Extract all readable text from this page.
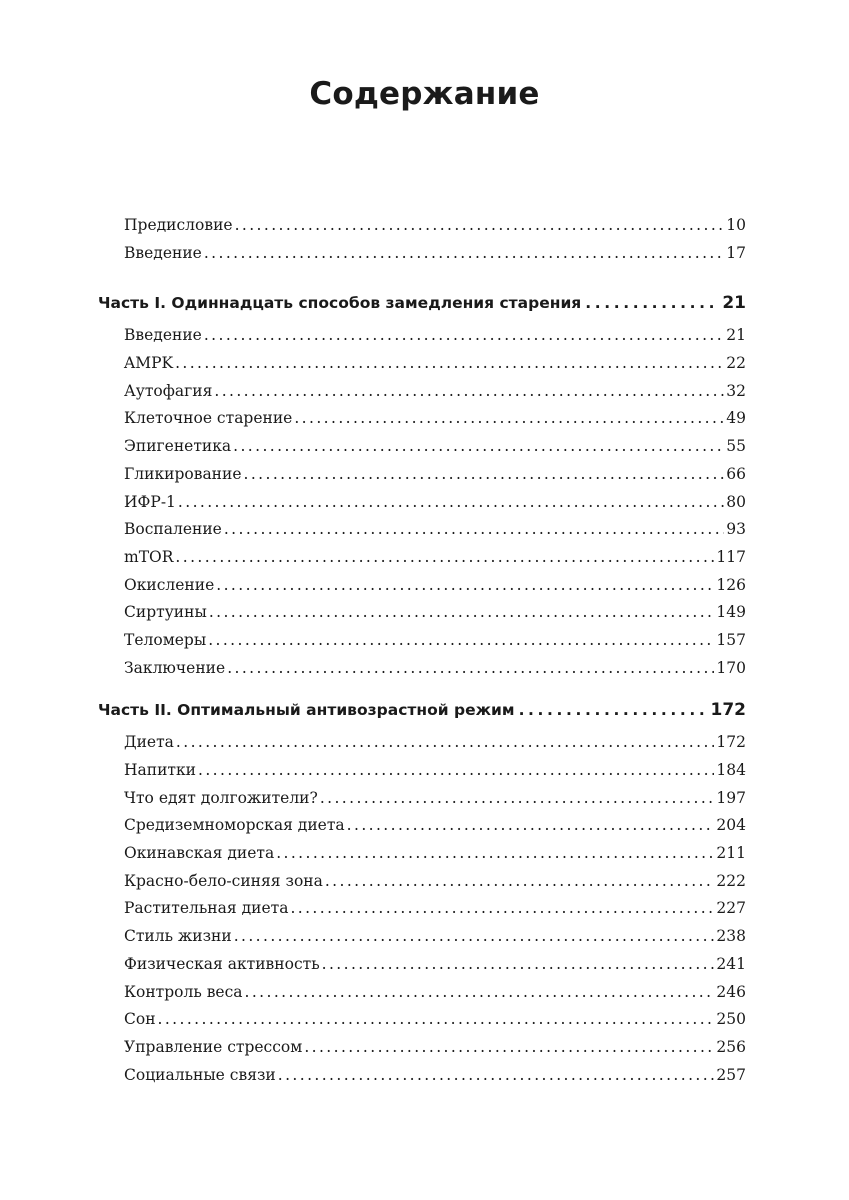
Содержание
Предисловие .....	10
Введение .....	17
Часть I. Одиннадцать способов замедления старения .....	21
Введение .....	21
AMPK .....	22
Аутофагия .....	32
Клеточное старение .....	49
Эпигенетика .....	55
Гликирование .....	66
ИФР-1 .....	80
Воспаление .....	93
mTOR .....	117
Окисление .....	126
Сиртуины .....	149
Теломеры .....	157
Заключение .....	170
Часть II. Оптимальный антивозрастной режим .....	172
Диета .....	172
Напитки .....	184
Что едят долгожители? .....	197
Средиземноморская диета .....	204
Окинавская диета .....	211
Красно-бело-синяя зона .....	222
Растительная диета .....	227
Стиль жизни .....	238
Физическая активность .....	241
Контроль веса .....	246
Сон .....	250
Управление стрессом .....	256
Социальные связи .....	257
